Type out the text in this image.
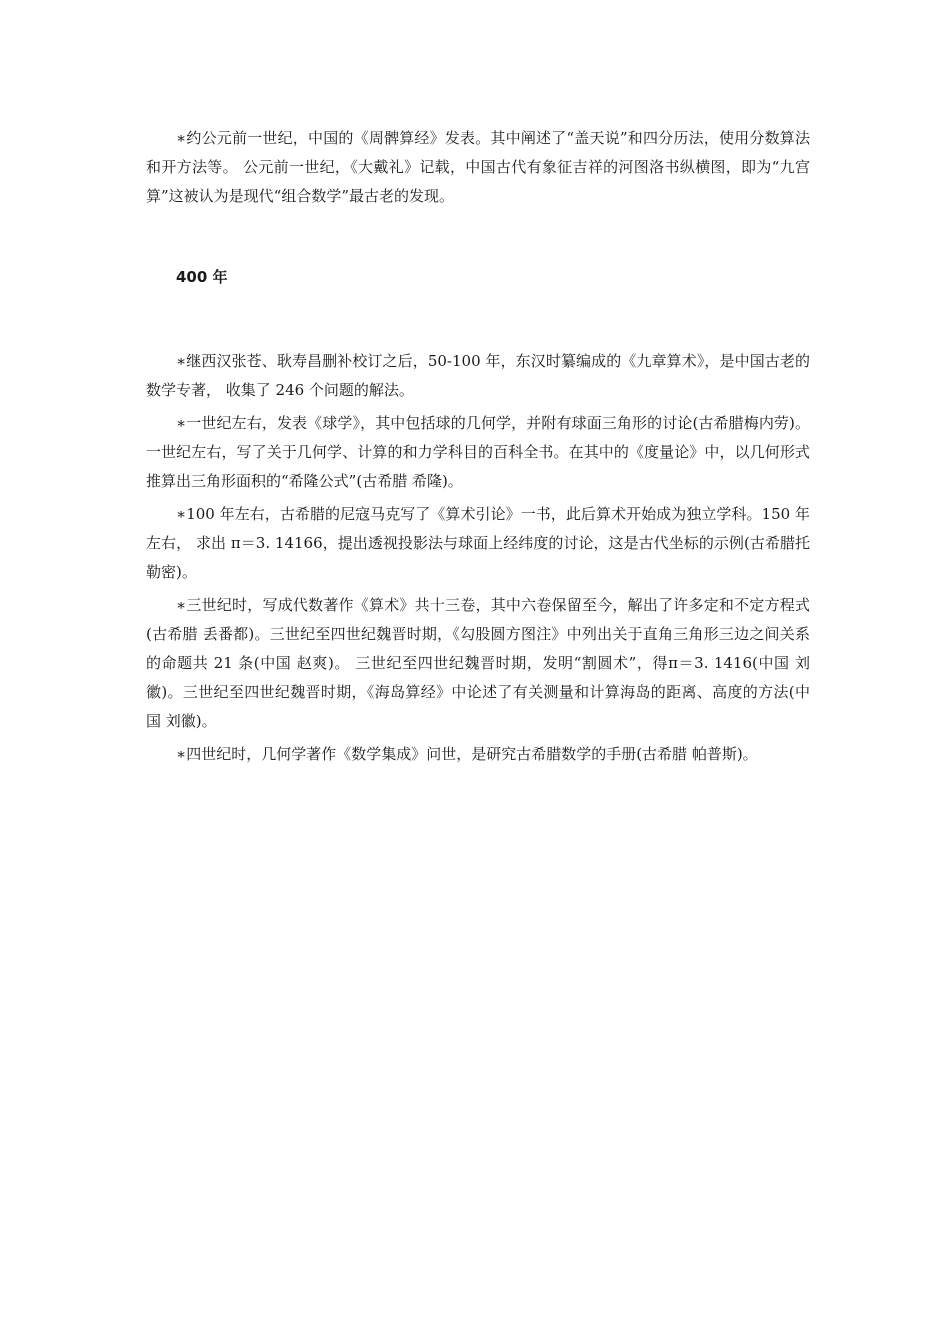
∗约公元前一世纪，中国的《周髀算经》发表。其中阐述了“盖天说”和四分历法，使用分数算法和开方法等。 公元前一世纪，《大戴礼》记载，中国古代有象征吉祥的河图洛书纵横图，即为“九宫算”这被认为是现代“组合数学”最古老的发现。

400 年

∗继西汉张苍、耿寿昌删补校订之后，50-100 年，东汉时纂编成的《九章算术》，是中国古老的数学专著， 收集了 246 个问题的解法。

∗一世纪左右，发表《球学》，其中包括球的几何学，并附有球面三角形的讨论(古希腊梅内劳)。 一世纪左右，写了关于几何学、计算的和力学科目的百科全书。在其中的《度量论》中，以几何形式推算出三角形面积的“希隆公式”(古希腊 希隆)。

∗100 年左右，古希腊的尼寇马克写了《算术引论》一书，此后算术开始成为独立学科。150 年左右， 求出 π＝3. 14166，提出透视投影法与球面上经纬度的讨论，这是古代坐标的示例(古希腊托勒密)。

∗三世纪时，写成代数著作《算术》共十三卷，其中六卷保留至今，解出了许多定和不定方程式(古希腊 丢番都)。三世纪至四世纪魏晋时期，《勾股圆方图注》中列出关于直角三角形三边之间关系的命题共 21 条(中国 赵爽)。 三世纪至四世纪魏晋时期，发明“割圆术”，得π＝3. 1416(中国 刘徽)。三世纪至四世纪魏晋时期，《海岛算经》中论述了有关测量和计算海岛的距离、高度的方法(中国 刘徽)。

∗四世纪时，几何学著作《数学集成》问世，是研究古希腊数学的手册(古希腊 帕普斯)。
